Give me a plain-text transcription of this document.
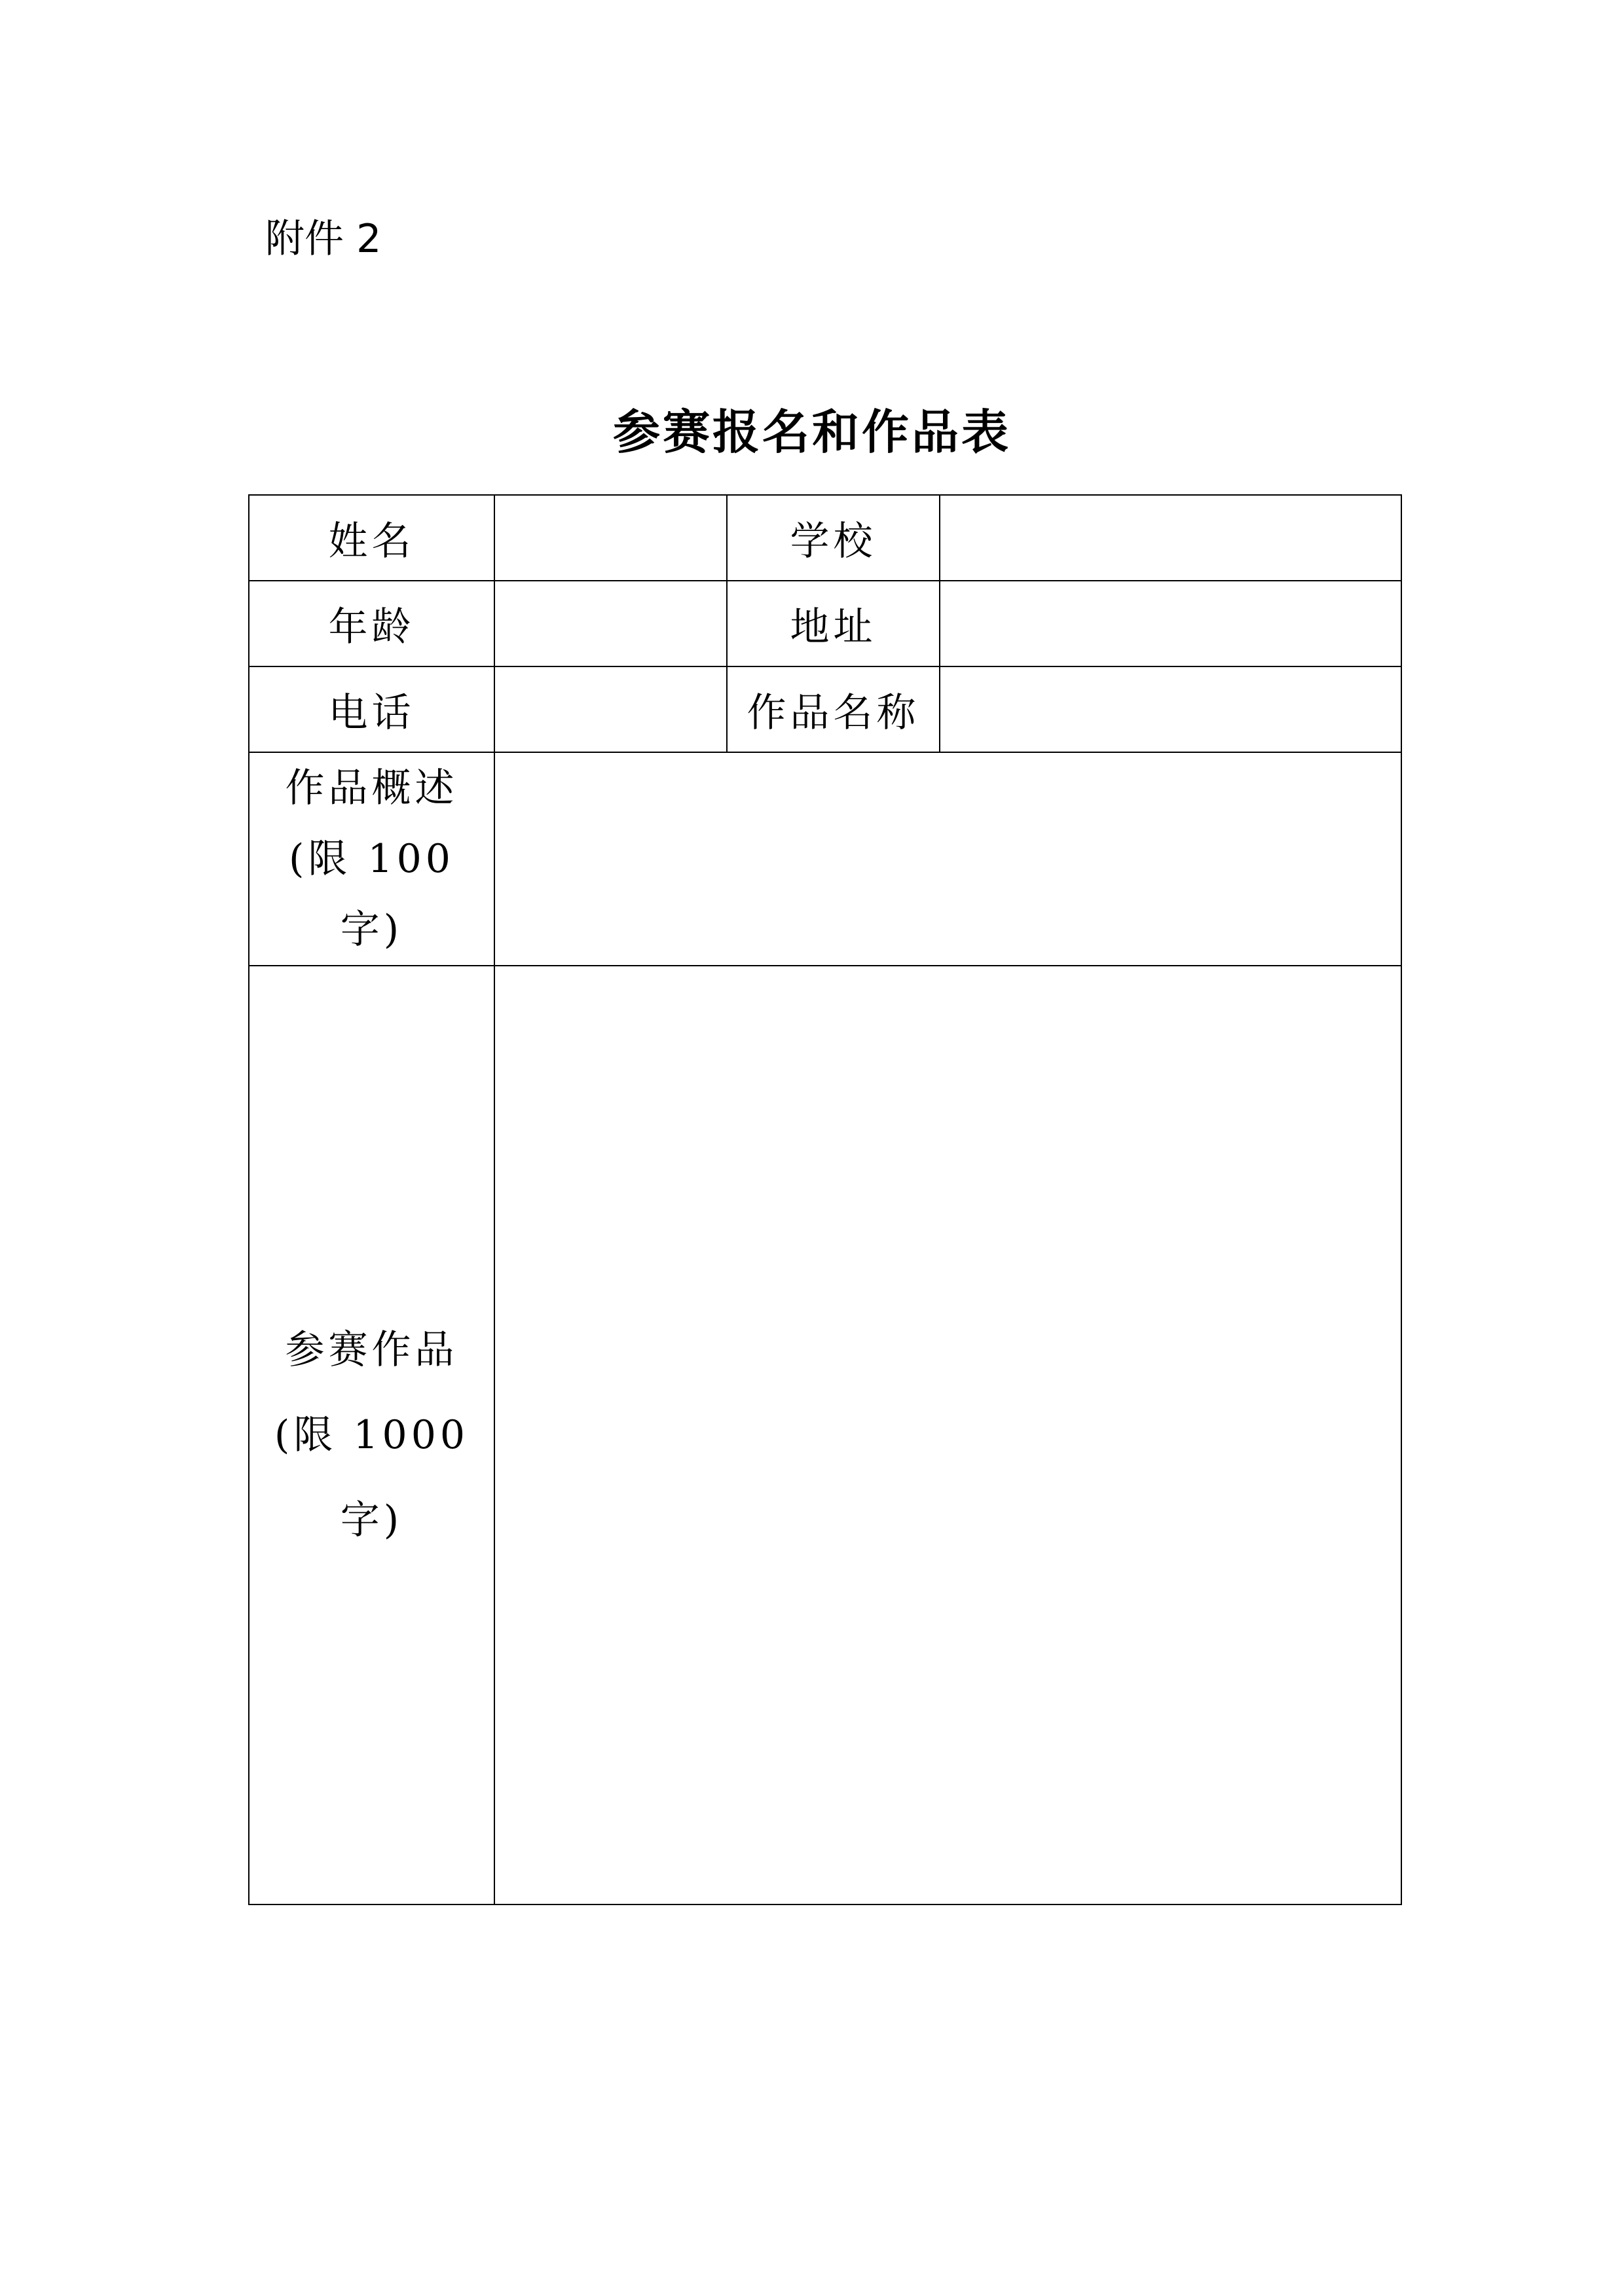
附件 2
参赛报名和作品表
姓名		学校	
年龄		地址	
电话		作品名称	

作品概述
(限 100 字)			

参赛作品
(限 1000 字)			
